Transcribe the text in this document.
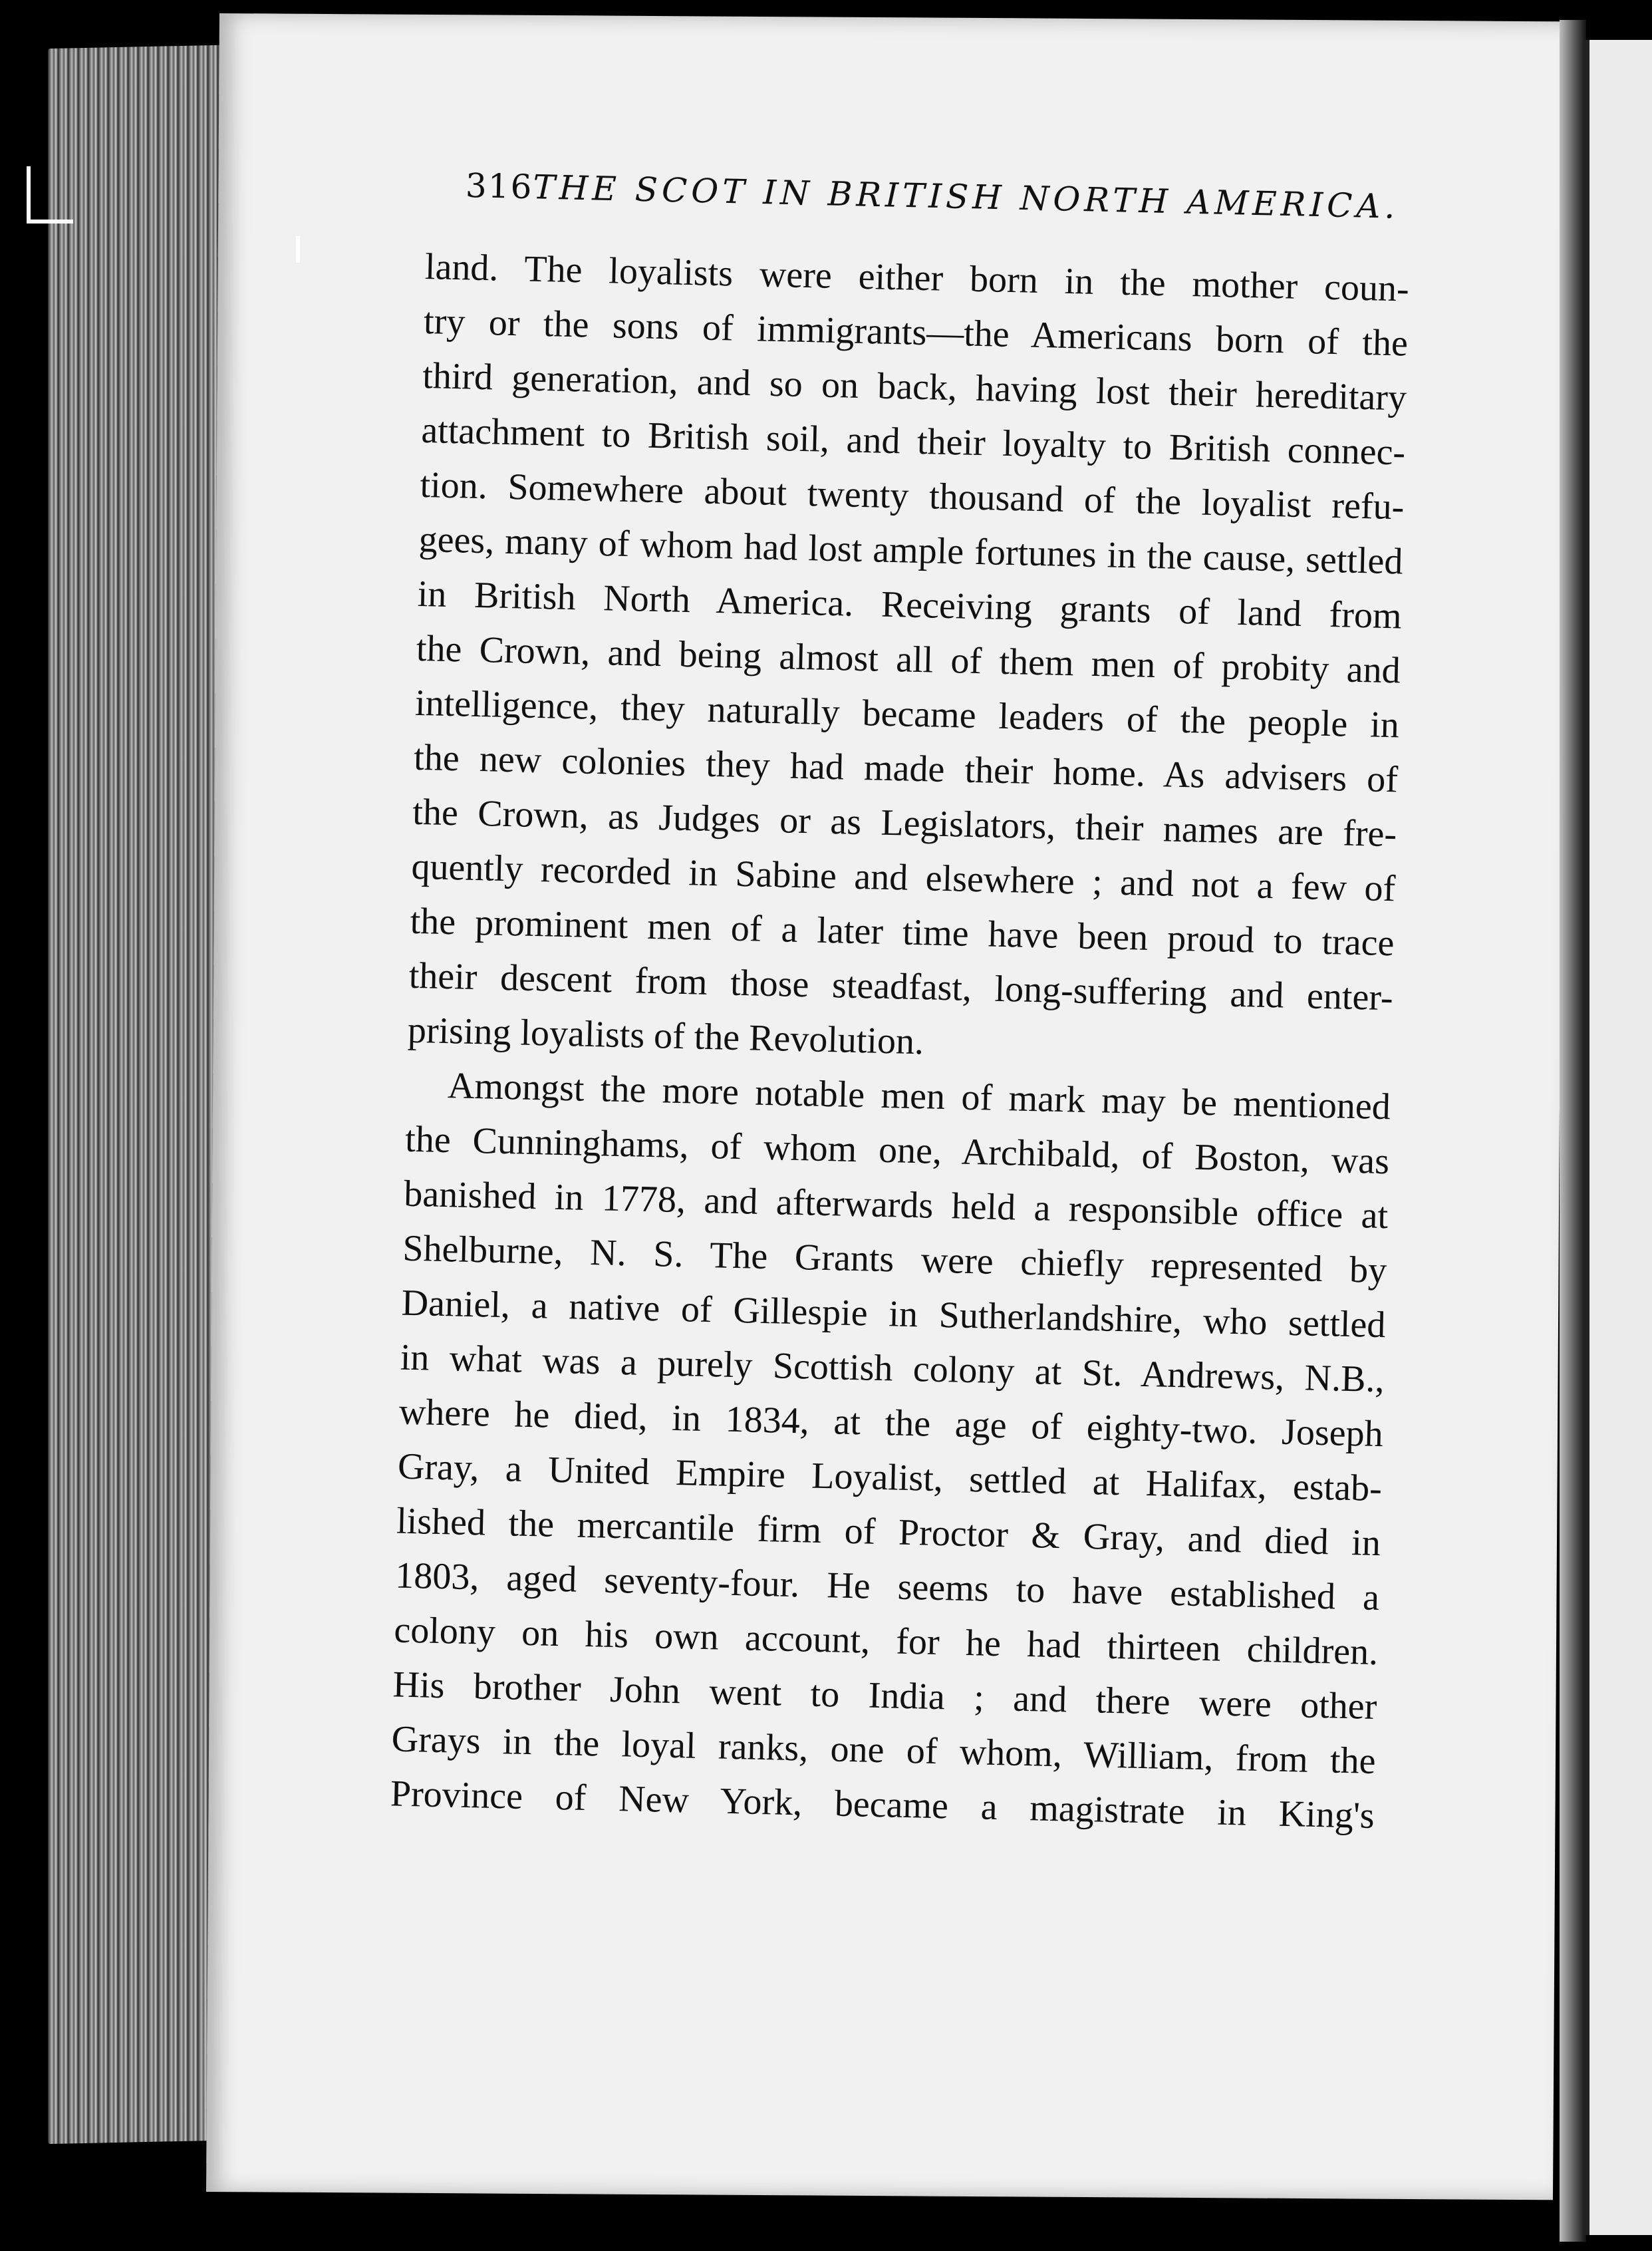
316
THE SCOT IN BRITISH NORTH AMERICA.
land. The loyalists were either born in the mother coun-
try or the sons of immigrants—the Americans born of the
third generation, and so on back, having lost their hereditary
attachment to British soil, and their loyalty to British connec-
tion. Somewhere about twenty thousand of the loyalist refu-
gees, many of whom had lost ample fortunes in the cause, settled
in British North America. Receiving grants of land from
the Crown, and being almost all of them men of probity and
intelligence, they naturally became leaders of the people in
the new colonies they had made their home. As advisers of
the Crown, as Judges or as Legislators, their names are fre-
quently recorded in Sabine and elsewhere ; and not a few of
the prominent men of a later time have been proud to trace
their descent from those steadfast, long-suffering and enter-
prising loyalists of the Revolution.
Amongst the more notable men of mark may be mentioned
the Cunninghams, of whom one, Archibald, of Boston, was
banished in 1778, and afterwards held a responsible office at
Shelburne, N. S. The Grants were chiefly represented by
Daniel, a native of Gillespie in Sutherlandshire, who settled
in what was a purely Scottish colony at St. Andrews, N.B.,
where he died, in 1834, at the age of eighty-two. Joseph
Gray, a United Empire Loyalist, settled at Halifax, estab-
lished the mercantile firm of Proctor & Gray, and died in
1803, aged seventy-four. He seems to have established a
colony on his own account, for he had thirteen children.
His brother John went to India ; and there were other
Grays in the loyal ranks, one of whom, William, from the
Province of New York, became a magistrate in King's
